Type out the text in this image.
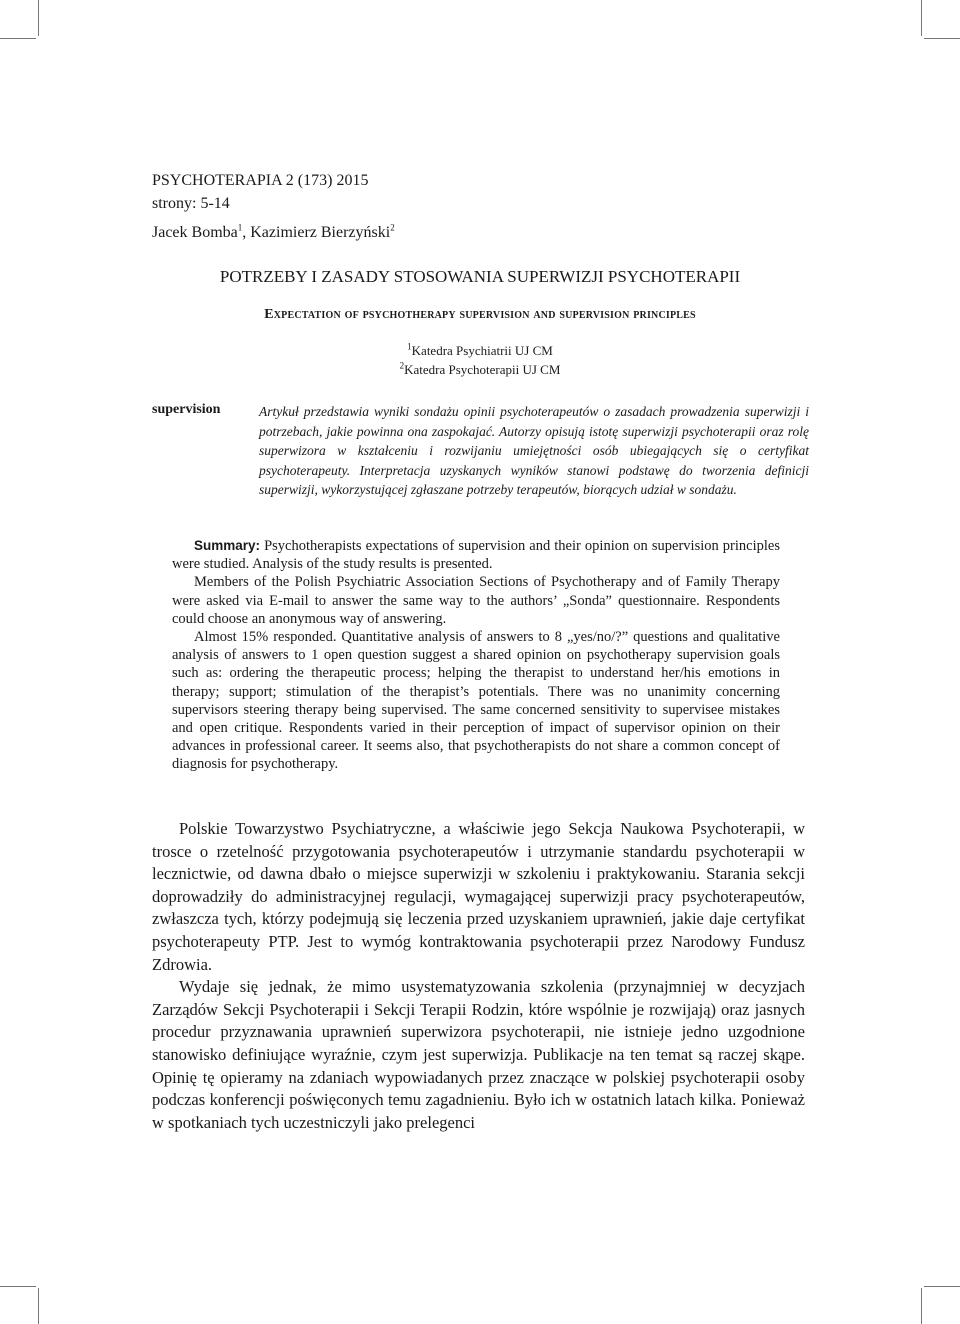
PSYCHOTERAPIA 2 (173) 2015
strony: 5-14
Jacek Bomba$^1$, Kazimierz Bierzyński$^2$
POTRZEBY I ZASADY STOSOWANIA SUPERWIZJI PSYCHOTERAPII
Expectation of psychotherapy supervision and supervision principles
$^1$Katedra Psychiatrii UJ CM
$^2$Katedra Psychoterapii UJ CM
supervision	Artykuł przedstawia wyniki sondażu opinii psychoterapeutów o zasadach prowadzenia superwizji i potrzebach, jakie powinna ona zaspokajać. Autorzy opisują istotę superwizji psychoterapii oraz rolę superwizora w kształceniu i rozwijaniu umiejętności osób ubiegających się o certyfikat psychoterapeuty. Interpretacja uzyskanych wyników stanowi podstawę do tworzenia definicji superwizji, wykorzystującej zgłaszane potrzeby terapeutów, biorących udział w sondażu.

Summary: Psychotherapists expectations of supervision and their opinion on supervision principles were studied. Analysis of the study results is presented.

Members of the Polish Psychiatric Association Sections of Psychotherapy and of Family Therapy were asked via E-mail to answer the same way to the authors’ „Sonda” questionnaire. Respondents could choose an anonymous way of answering.

Almost 15% responded. Quantitative analysis of answers to 8 „yes/no/?” questions and qualitative analysis of answers to 1 open question suggest a shared opinion on psychotherapy supervision goals such as: ordering the therapeutic process; helping the therapist to understand her/his emotions in therapy; support; stimulation of the therapist’s potentials. There was no unanimity concerning supervisors steering therapy being supervised. The same concerned sensitivity to supervisee mistakes and open critique. Respondents varied in their perception of impact of supervisor opinion on their advances in professional career. It seems also, that psychotherapists do not share a common concept of diagnosis for psychotherapy.

Polskie Towarzystwo Psychiatryczne, a właściwie jego Sekcja Naukowa Psychoterapii, w trosce o rzetelność przygotowania psychoterapeutów i utrzymanie standardu psychoterapii w lecznictwie, od dawna dbało o miejsce superwizji w szkoleniu i praktykowaniu. Starania sekcji doprowadziły do administracyjnej regulacji, wymagającej superwizji pracy psychoterapeutów, zwłaszcza tych, którzy podejmują się leczenia przed uzyskaniem uprawnień, jakie daje certyfikat psychoterapeuty PTP. Jest to wymóg kontraktowania psychoterapii przez Narodowy Fundusz Zdrowia.

Wydaje się jednak, że mimo usystematyzowania szkolenia (przynajmniej w decyzjach Zarządów Sekcji Psychoterapii i Sekcji Terapii Rodzin, które wspólnie je rozwijają) oraz jasnych procedur przyznawania uprawnień superwizora psychoterapii, nie istnieje jedno uzgodnione stanowisko definiujące wyraźnie, czym jest superwizja. Publikacje na ten temat są raczej skąpe. Opinię tę opieramy na zdaniach wypowiadanych przez znaczące w polskiej psychoterapii osoby podczas konferencji poświęconych temu zagadnieniu. Było ich w ostatnich latach kilka. Ponieważ w spotkaniach tych uczestniczyli jako prelegenci
